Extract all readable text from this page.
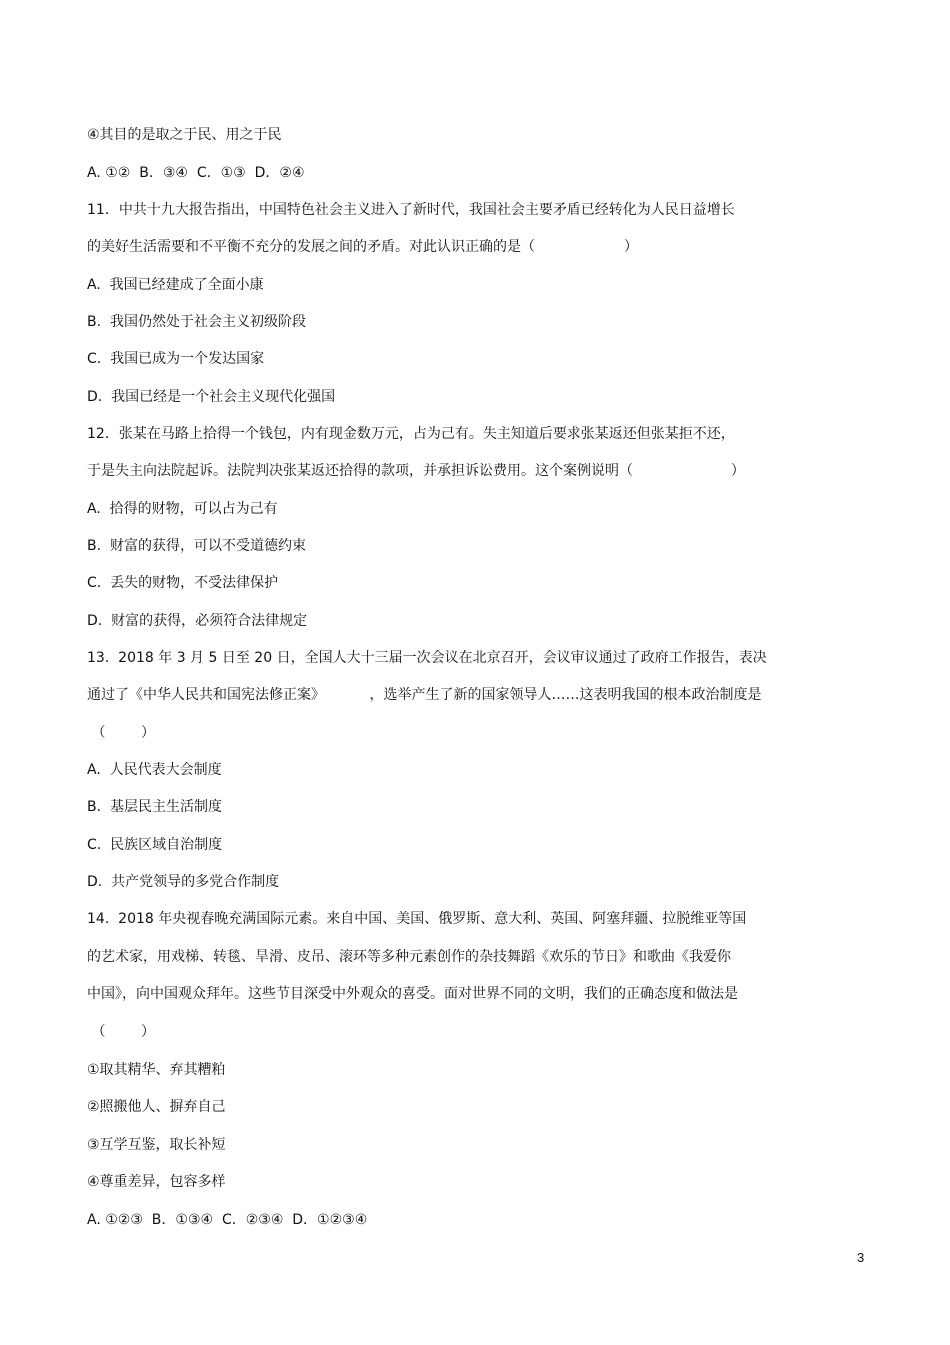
④其目的是取之于民、用之于民
A. ①②  B．③④  C．①③  D．②④
11．中共十九大报告指出，中国特色社会主义进入了新时代，我国社会主要矛盾已经转化为人民日益增长
的美好生活需要和不平衡不充分的发展之间的矛盾。对此认识正确的是（                    ）
A.  我国已经建成了全面小康
B.  我国仍然处于社会主义初级阶段
C.  我国已成为一个发达国家
D.  我国已经是一个社会主义现代化强国
12．张某在马路上拾得一个钱包，内有现金数万元，占为己有。失主知道后要求张某返还但张某拒不还，
于是失主向法院起诉。法院判决张某返还拾得的款项，并承担诉讼费用。这个案例说明（                      ）
A.  拾得的财物，可以占为己有
B.  财富的获得，可以不受道德约束
C.  丢失的财物，不受法律保护
D.  财富的获得，必须符合法律规定
13.  2018 年 3 月 5 日至 20 日，全国人大十三届一次会议在北京召开，会议审议通过了政府工作报告，表决
通过了《中华人民共和国宪法修正案》          ，选举产生了新的国家领导人……这表明我国的根本政治制度是
（        ）
A.  人民代表大会制度
B.  基层民主生活制度
C.  民族区域自治制度
D.  共产党领导的多党合作制度
14.  2018 年央视春晚充满国际元素。来自中国、美国、俄罗斯、意大利、英国、阿塞拜疆、拉脱维亚等国
的艺术家，用戏梯、转毯、旱滑、皮吊、滚环等多种元素创作的杂技舞蹈《欢乐的节日》和歌曲《我爱你
中国》，向中国观众拜年。这些节目深受中外观众的喜受。面对世界不同的文明，我们的正确态度和做法是
（        ）
①取其精华、弃其糟粕
②照搬他人、摒弃自己
③互学互鉴，取长补短
④尊重差异，包容多样
A. ①②③  B．①③④  C．②③④  D．①②③④
3
